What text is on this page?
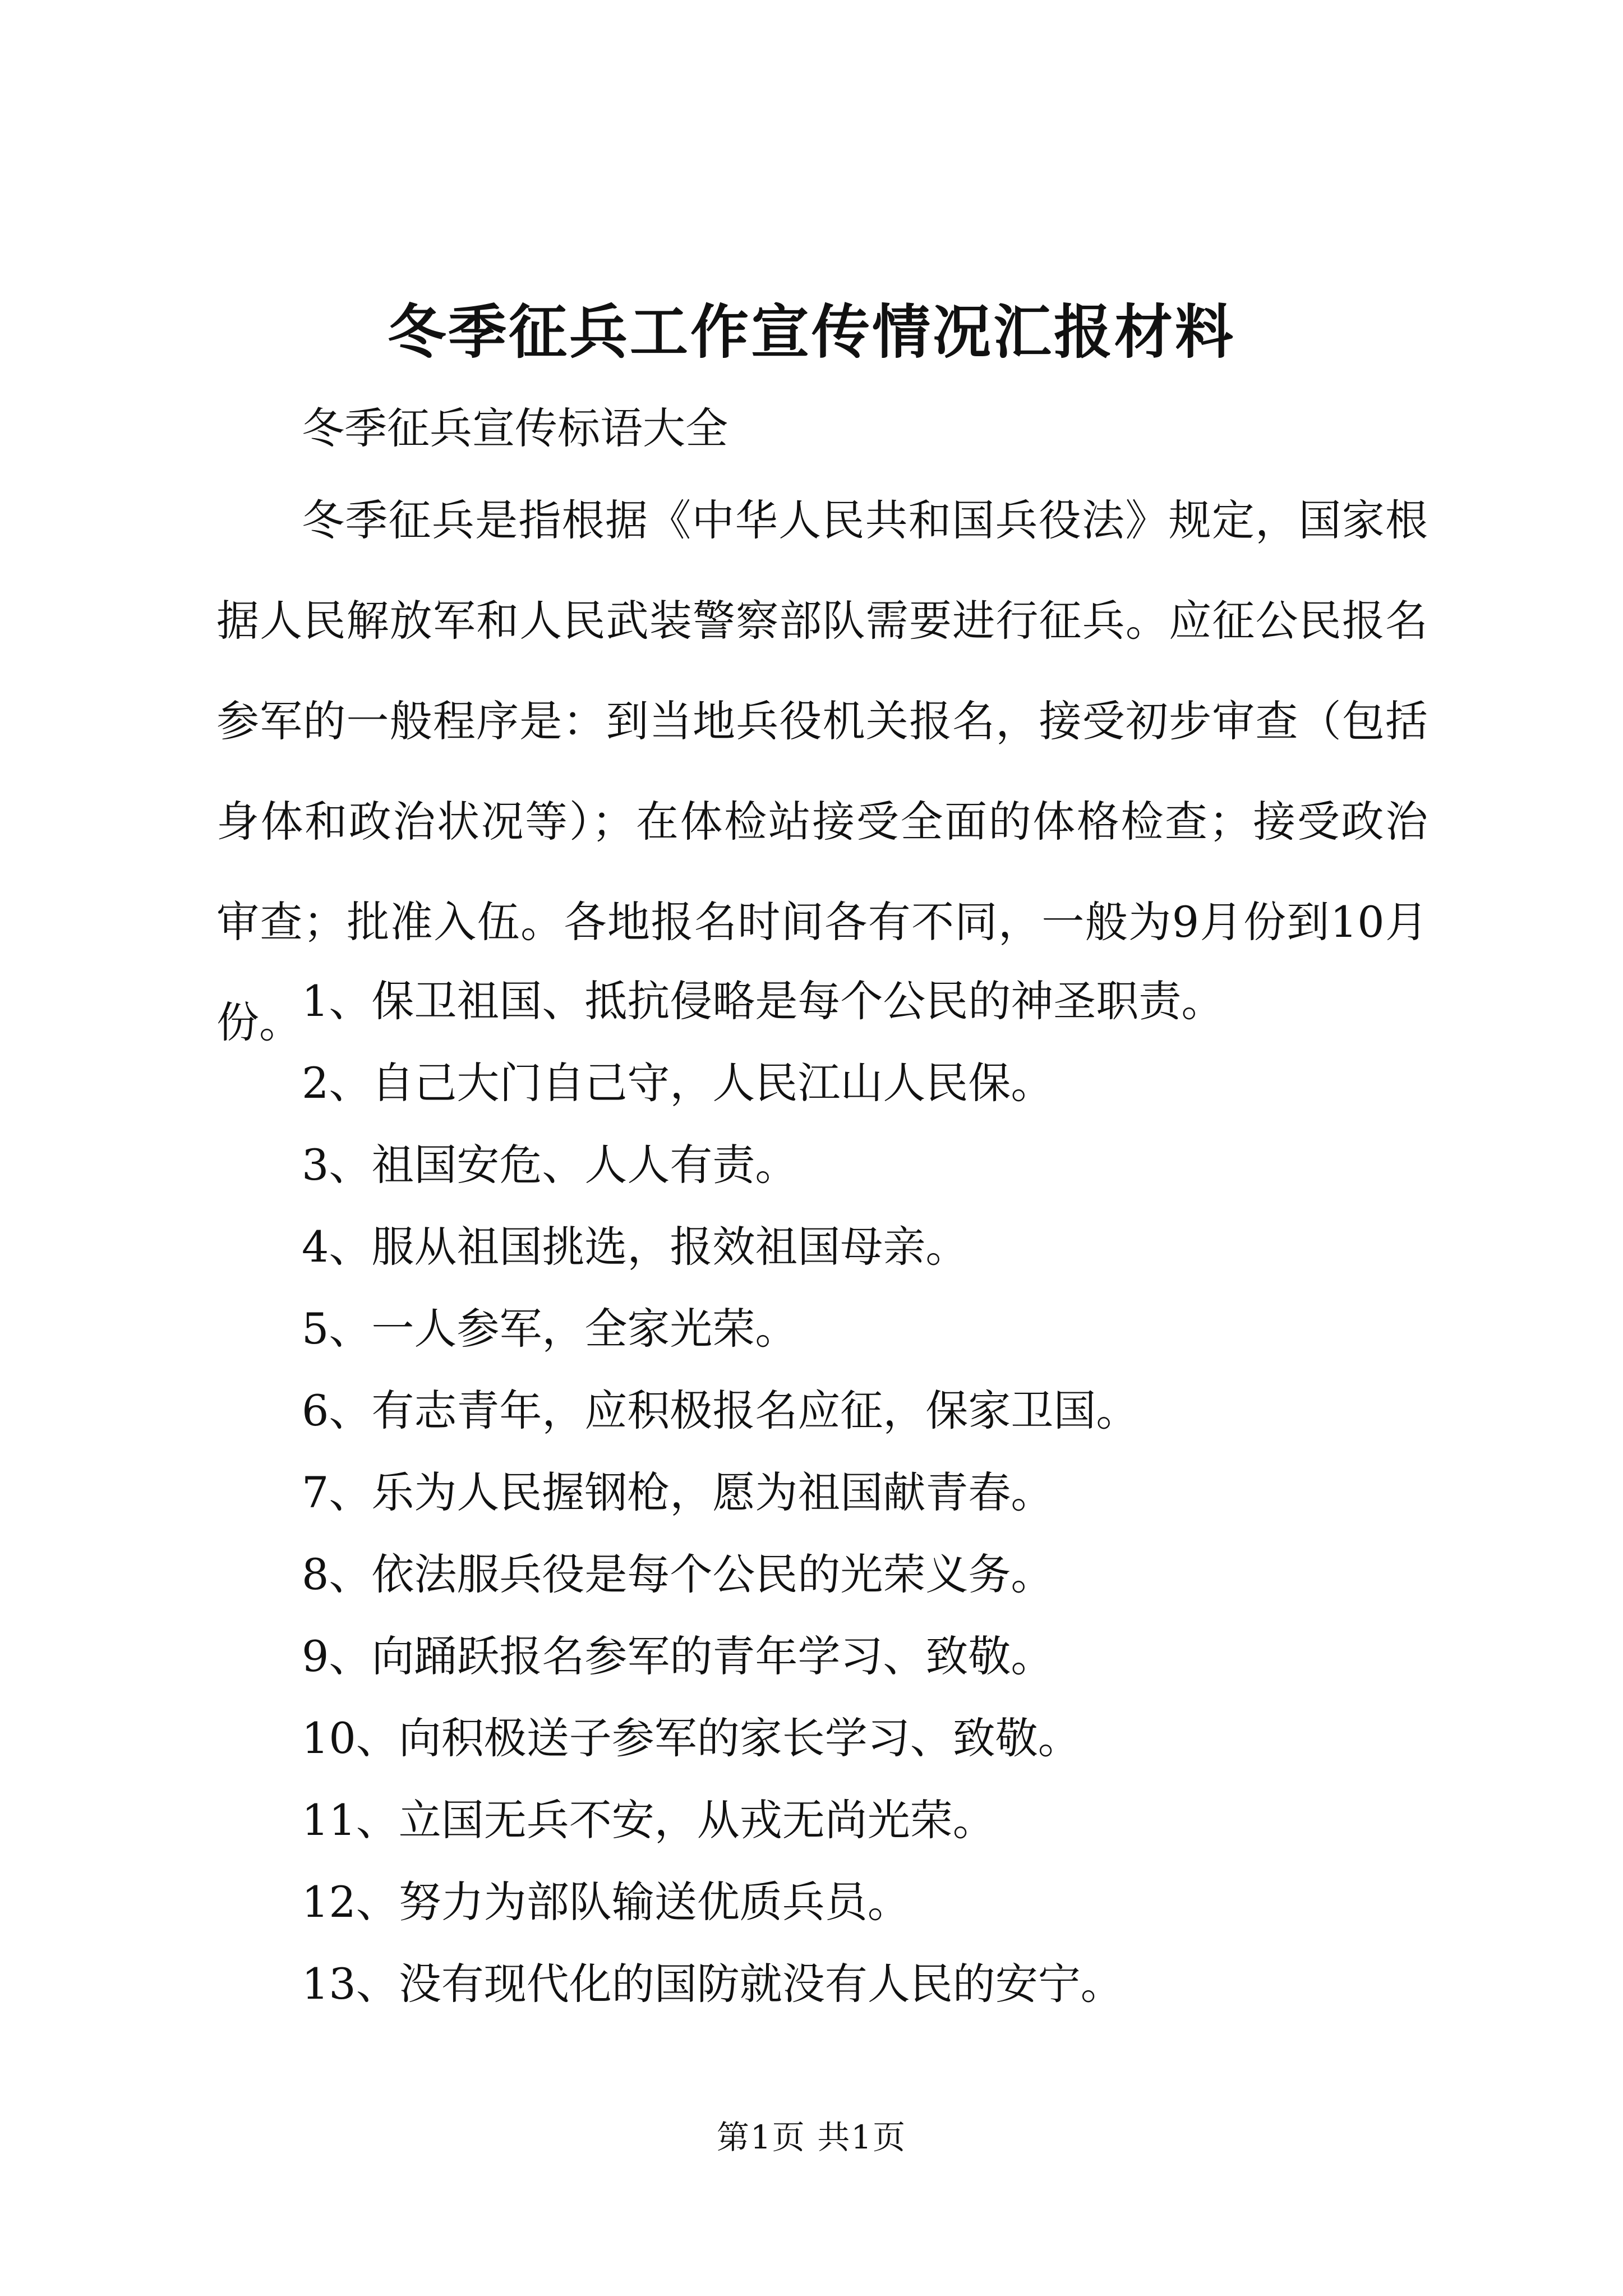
冬季征兵工作宣传情况汇报材料

冬季征兵宣传标语大全

冬季征兵是指根据《中华人民共和国兵役法》规定，国家根据人民解放军和人民武装警察部队需要进行征兵。应征公民报名参军的一般程序是：到当地兵役机关报名，接受初步审查（包括身体和政治状况等）；在体检站接受全面的体格检查；接受政治审查；批准入伍。各地报名时间各有不同，一般为9月份到10月份。 1、保卫祖国、抵抗侵略是每个公民的神圣职责。
2、自己大门自己守，人民江山人民保。
3、祖国安危、人人有责。
4、服从祖国挑选，报效祖国母亲。
5、一人参军，全家光荣。
6、有志青年，应积极报名应征，保家卫国。
7、乐为人民握钢枪，愿为祖国献青春。
8、依法服兵役是每个公民的光荣义务。
9、向踊跃报名参军的青年学习、致敬。
10、向积极送子参军的家长学习、致敬。
11、立国无兵不安，从戎无尚光荣。
12、努力为部队输送优质兵员。
13、没有现代化的国防就没有人民的安宁。
第1页 共1页
